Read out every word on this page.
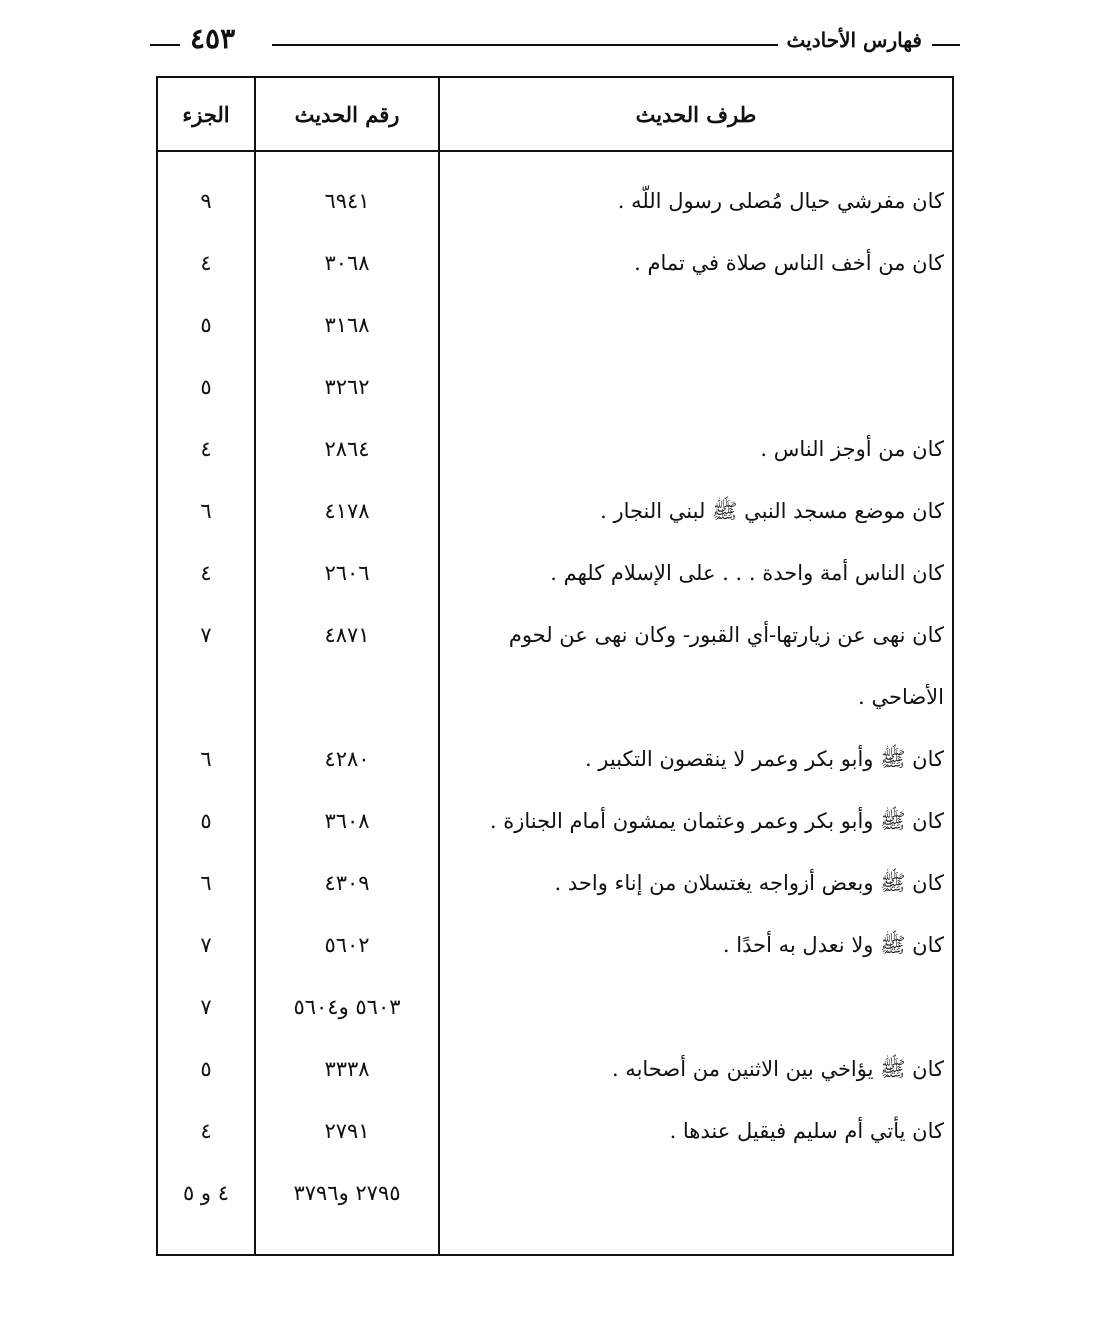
فهارس الأحاديث
٤٥٣
طرف الحديث
رقم الحديث
الجزء
كان مفرشي حيال مُصلى رسول اللّه .
٦٩٤١
٩
كان من أخف الناس صلاة في تمام .
٣٠٦٨
٤
٣١٦٨
٥
٣٢٦٢
٥
كان من أوجز الناس .
٢٨٦٤
٤
كان موضع مسجد النبي ﷺ لبني النجار .
٤١٧٨
٦
كان الناس أمة واحدة . . . على الإسلام كلهم .
٢٦٠٦
٤
كان نهى عن زيارتها-أي القبور- وكان نهى عن لحوم الأضاحي .
٤٨٧١
٧
كان ﷺ وأبو بكر وعمر لا ينقصون التكبير .
٤٢٨٠
٦
كان ﷺ وأبو بكر وعمر وعثمان يمشون أمام الجنازة .
٣٦٠٨
٥
كان ﷺ وبعض أزواجه يغتسلان من إناء واحد .
٤٣٠٩
٦
كان ﷺ ولا نعدل به أحدًا .
٥٦٠٢
٧
٥٦٠٣ و٥٦٠٤
٧
كان ﷺ يؤاخي بين الاثنين من أصحابه .
٣٣٣٨
٥
كان يأتي أم سليم فيقيل عندها .
٢٧٩١
٤
٢٧٩٥ و٣٧٩٦
٤ و ٥
